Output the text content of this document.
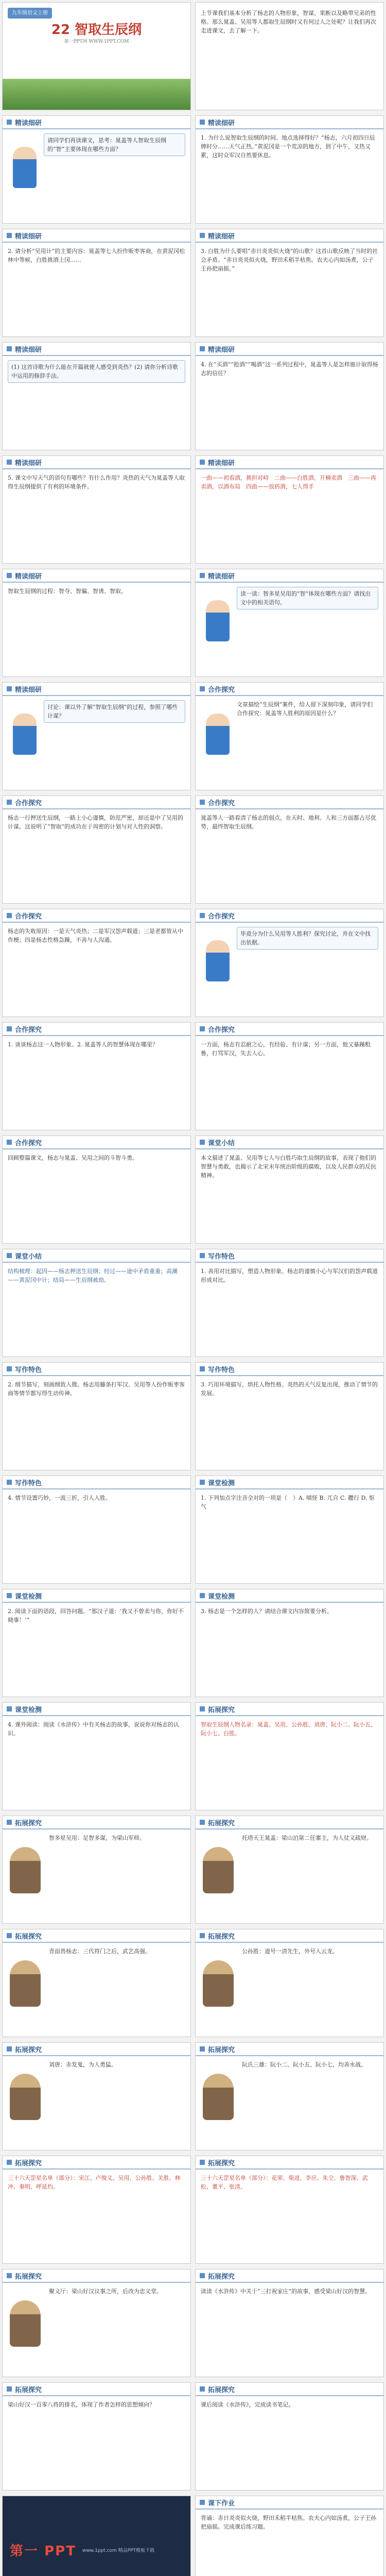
九年级语文上册
22 智取生辰纲
第一PPT网 WWW.1PPT.COM
上节课我们基本分析了杨志的人物形象，智谋、果断以及略带兄弟的性格。那么晁盖、吴用等人都取生辰纲时又有何过人之处呢？让我们再次走进课文，去了解一下。
精读细研
请同学们再读课文，思考：晁盖等人智取生辰纲的“智”主要体现在哪些方面？
精读细研
1. 为什么说智取生辰纲的时间、地点选择得好？“杨志，六月初四日辰牌时分……天气正热。”黄泥冈是一个荒凉的地方，到了中午，又热又累，这时众军汉自然要休息。
精读细研
2. 请分析“吴用计”的主要内容：晁盖等七人扮作贩枣客商，在黄泥冈松林中等候，白胜挑酒上冈……
精读细研
3. 白胜为什么要唱“赤日炎炎似火烧”的山歌？这首山歌反映了当时的社会矛盾。“赤日炎炎似火烧，野田禾稻半枯焦。农夫心内如汤煮，公子王孙把扇摇。”
精读细研
(1) 这首诗歌为什么能在开篇就使人感受到炎热？(2) 请你分析诗歌中运用的修辞手法。
精读细研
4. 在“买酒”“抢酒”“喝酒”这一系列过程中，晁盖等人是怎样施计取得杨志的信任？
精读细研
5. 课文中写天气的语句有哪些？有什么作用？炎热的天气为晁盖等人取得生辰纲提供了有利的环境条件。
精读细研
一曲——初看酒，挑担对峙　二曲——白胜酒，开桶卖酒　三曲——再卖酒，以酒布局　四曲——放药酒，七人得手
精读细研
智取生辰纲的过程：智夺、智骗、智诱、智取。
精读细研
读一读：智多星吴用的“智”体现在哪些方面？请找出文中的相关语句。
精读细研
讨论：课以外了解“智取生辰纲”的过程，参照了哪些计谋？
合作探究
文章描绘“生辰纲”案件，给人留下深刻印象，请同学们合作探究：晁盖等人胜利的原因是什么？
合作探究
杨志一行押送生辰纲，一路上小心谨慎，防范严密，却还是中了吴用的计谋。这说明了“智取”的成功在于周密的计划与对人性的洞察。
合作探究
晁盖等人一路看清了杨志的弱点，在天时、地利、人和三方面都占尽优势，最终智取生辰纲。
合作探究
杨志的失败原因：一是天气炎热；二是军汉怨声载道；三是老都管从中作梗；四是杨志性格急躁，不善与人沟通。
合作探究
毕竟分为什么吴用等人胜利？探究讨论，并在文中找出依据。
合作探究
1. 谈谈杨志这一人物形象。2. 晁盖等人的智慧体现在哪里？
合作探究
一方面，杨志有忍耐之心，有经验、有计谋；另一方面，他又暴躁粗鲁，打骂军汉，失去人心。
合作探究
回顾整篇课文，杨志与晁盖、吴用之间的斗智斗勇。
课堂小结
本文描述了晁盖、吴用等七人与白胜巧取生辰纲的故事，表现了他们的智慧与勇敢，也揭示了北宋末年统治阶级的腐败，以及人民群众的反抗精神。
课堂小结
结构梳理：起因——杨志押送生辰纲；经过——途中矛盾重重；高潮——黄泥冈中计；结局——生辰纲被劫。
写作特色
1. 善用对比描写，塑造人物形象。杨志的谨慎小心与军汉们的怨声载道形成对比。
写作特色
2. 细节描写，刻画细致入微。杨志用藤条打军汉、吴用等人扮作贩枣客商等情节都写得生动传神。
写作特色
3. 巧用环境描写，烘托人物性格。炎热的天气反复出现，推动了情节的发展。
写作特色
4. 情节设置巧妙，一波三折，引人入胜。
课堂检测
1. 下列加点字注音全对的一项是（　）A. 嗔怪 B. 兀自 C. 趱行 D. 怄气
课堂检测
2. 阅读下面的语段，回答问题。“那汉子道：‘我又不曾卖与你，你好不晓事！’”
课堂检测
3. 杨志是一个怎样的人？请结合课文内容简要分析。
课堂检测
4. 课外阅读：阅读《水浒传》中有关杨志的故事，说说你对杨志的认识。
拓展探究
智取生辰纲人物名录：晁盖、吴用、公孙胜、刘唐、阮小二、阮小五、阮小七、白胜。
拓展探究
智多星吴用：足智多谋，为梁山军师。
拓展探究
托塔天王晁盖：梁山泊第二任寨主，为人仗义疏财。
拓展探究
青面兽杨志：三代将门之后，武艺高强。
拓展探究
公孙胜：道号一清先生，外号入云龙。
拓展探究
刘唐：赤发鬼，为人勇猛。
拓展探究
阮氏三雄：阮小二、阮小五、阮小七，均善水战。
拓展探究
三十六天罡星名单（部分）：宋江、卢俊义、吴用、公孙胜、关胜、林冲、秦明、呼延灼。
拓展探究
三十六天罡星名单（部分）：花荣、柴进、李应、朱仝、鲁智深、武松、董平、张清。
拓展探究
聚义厅：梁山好汉议事之所，后改为忠义堂。
拓展探究
读读《水浒传》中关于“三打祝家庄”的故事，感受梁山好汉的智慧。
拓展探究
梁山好汉一百零八将的排名，体现了作者怎样的思想倾向？
拓展探究
课后阅读《水浒传》，完成读书笔记。
第一 PPT www.1ppt.com 精品PPT模板下载
课下作业
背诵：赤日炎炎似火烧，野田禾稻半枯焦。农夫心内如汤煮，公子王孙把扇摇。完成课后练习题。
